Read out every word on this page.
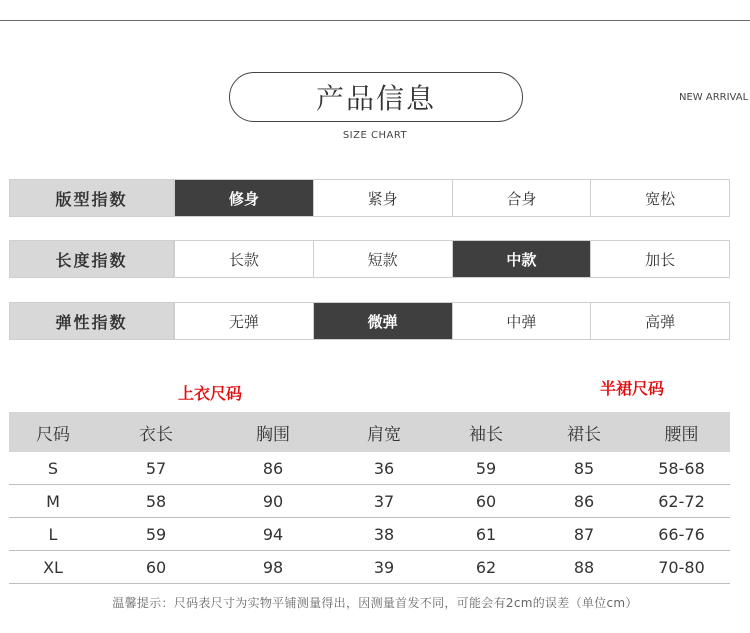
产品信息
SIZE CHART
NEW ARRIVAL
版型指数	修身	紧身	合身	宽松
长度指数	长款	短款	中款	加长
弹性指数	无弹	微弹	中弹	高弹
上衣尺码	半裙尺码
尺码	衣长	胸围	肩宽	袖长	裙长	腰围
S	57	86	36	59	85	58-68
M	58	90	37	60	86	62-72
L	59	94	38	61	87	66-76
XL	60	98	39	62	88	70-80
温馨提示：尺码表尺寸为实物平铺测量得出，因测量首发不同，可能会有2cm的误差（单位cm）
